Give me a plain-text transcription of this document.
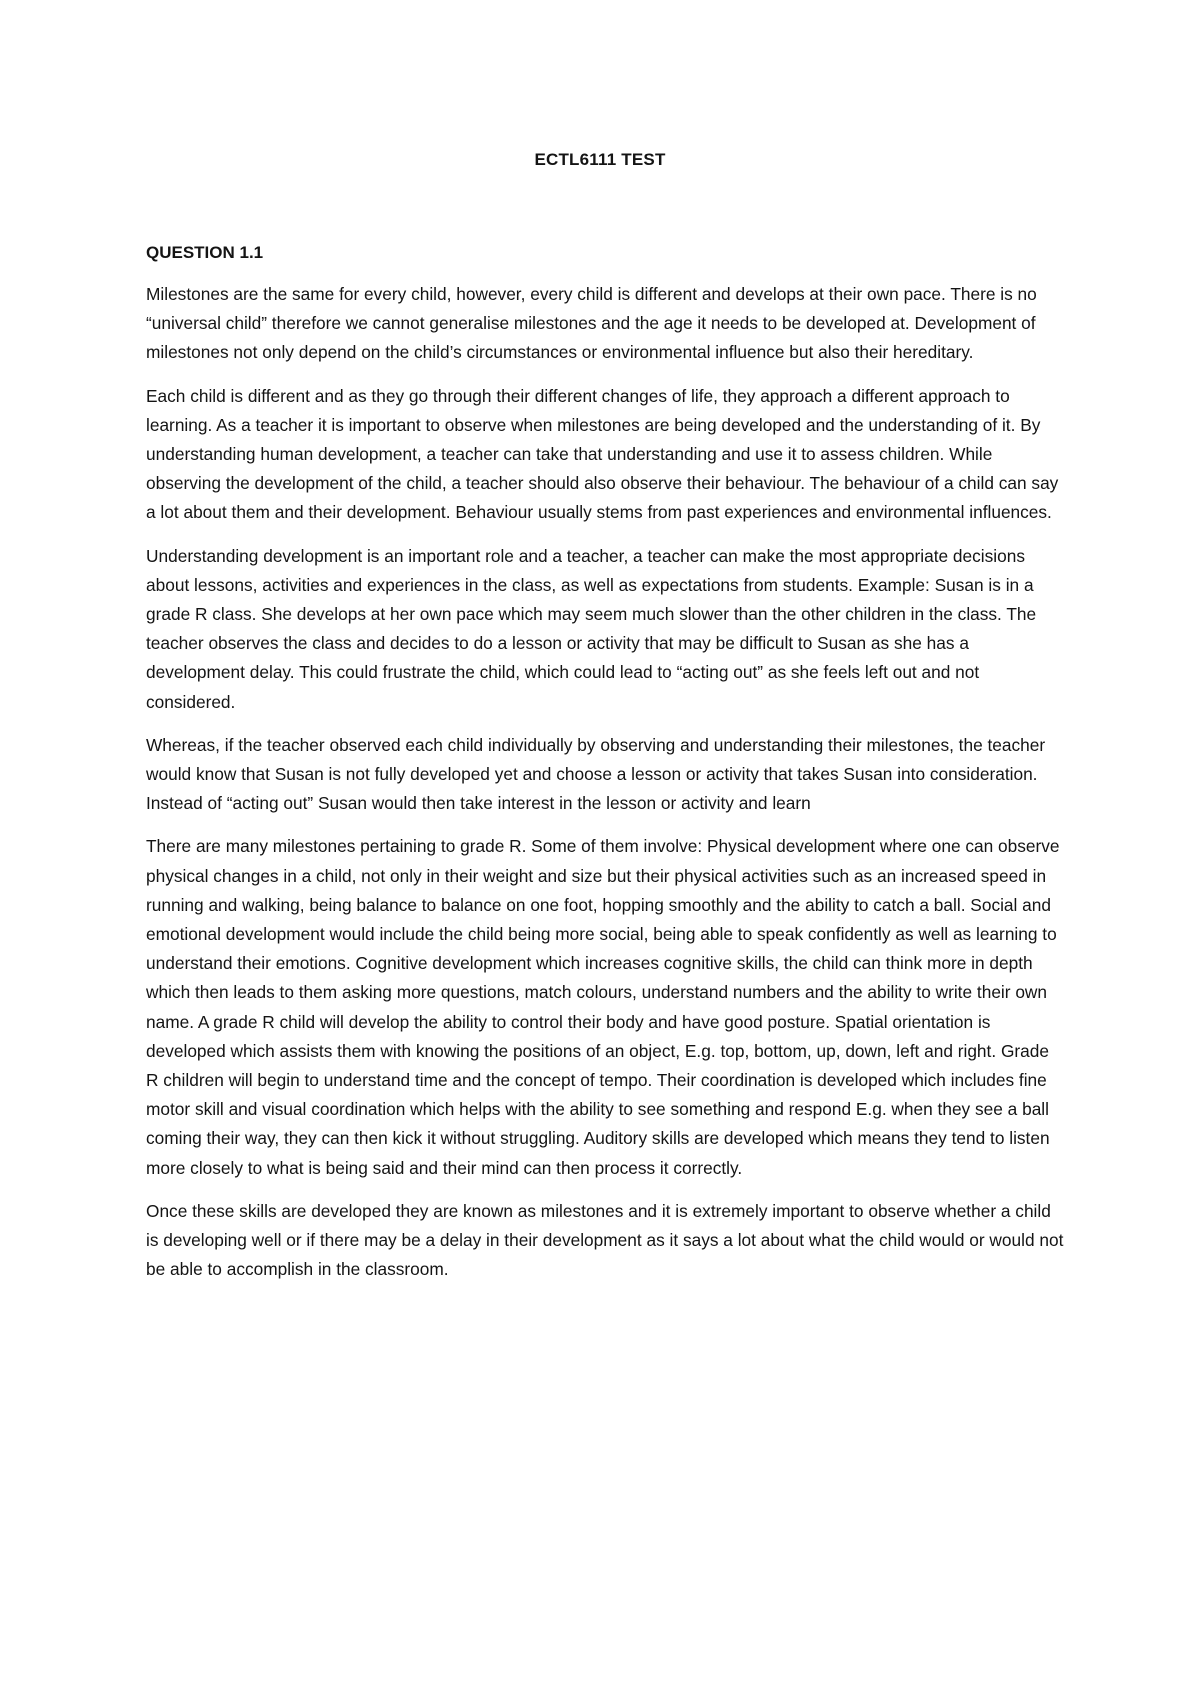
ECTL6111 TEST
QUESTION 1.1

Milestones are the same for every child, however, every child is different and develops at their own pace. There is no “universal child” therefore we cannot generalise milestones and the age it needs to be developed at. Development of milestones not only depend on the child’s circumstances or environmental influence but also their hereditary.

Each child is different and as they go through their different changes of life, they approach a different approach to learning. As a teacher it is important to observe when milestones are being developed and the understanding of it. By understanding human development, a teacher can take that understanding and use it to assess children. While observing the development of the child, a teacher should also observe their behaviour. The behaviour of a child can say a lot about them and their development. Behaviour usually stems from past experiences and environmental influences.

Understanding development is an important role and a teacher, a teacher can make the most appropriate decisions about lessons, activities and experiences in the class, as well as expectations from students. Example: Susan is in a grade R class. She develops at her own pace which may seem much slower than the other children in the class. The teacher observes the class and decides to do a lesson or activity that may be difficult to Susan as she has a development delay. This could frustrate the child, which could lead to “acting out” as she feels left out and not considered.

Whereas, if the teacher observed each child individually by observing and understanding their milestones, the teacher would know that Susan is not fully developed yet and choose a lesson or activity that takes Susan into consideration. Instead of “acting out” Susan would then take interest in the lesson or activity and learn

There are many milestones pertaining to grade R. Some of them involve: Physical development where one can observe physical changes in a child, not only in their weight and size but their physical activities such as an increased speed in running and walking, being balance to balance on one foot, hopping smoothly and the ability to catch a ball. Social and emotional development would include the child being more social, being able to speak confidently as well as learning to understand their emotions. Cognitive development which increases cognitive skills, the child can think more in depth which then leads to them asking more questions, match colours, understand numbers and the ability to write their own name. A grade R child will develop the ability to control their body and have good posture. Spatial orientation is developed which assists them with knowing the positions of an object, E.g. top, bottom, up, down, left and right. Grade R children will begin to understand time and the concept of tempo. Their coordination is developed which includes fine motor skill and visual coordination which helps with the ability to see something and respond E.g. when they see a ball coming their way, they can then kick it without struggling. Auditory skills are developed which means they tend to listen more closely to what is being said and their mind can then process it correctly.

Once these skills are developed they are known as milestones and it is extremely important to observe whether a child is developing well or if there may be a delay in their development as it says a lot about what the child would or would not be able to accomplish in the classroom.
